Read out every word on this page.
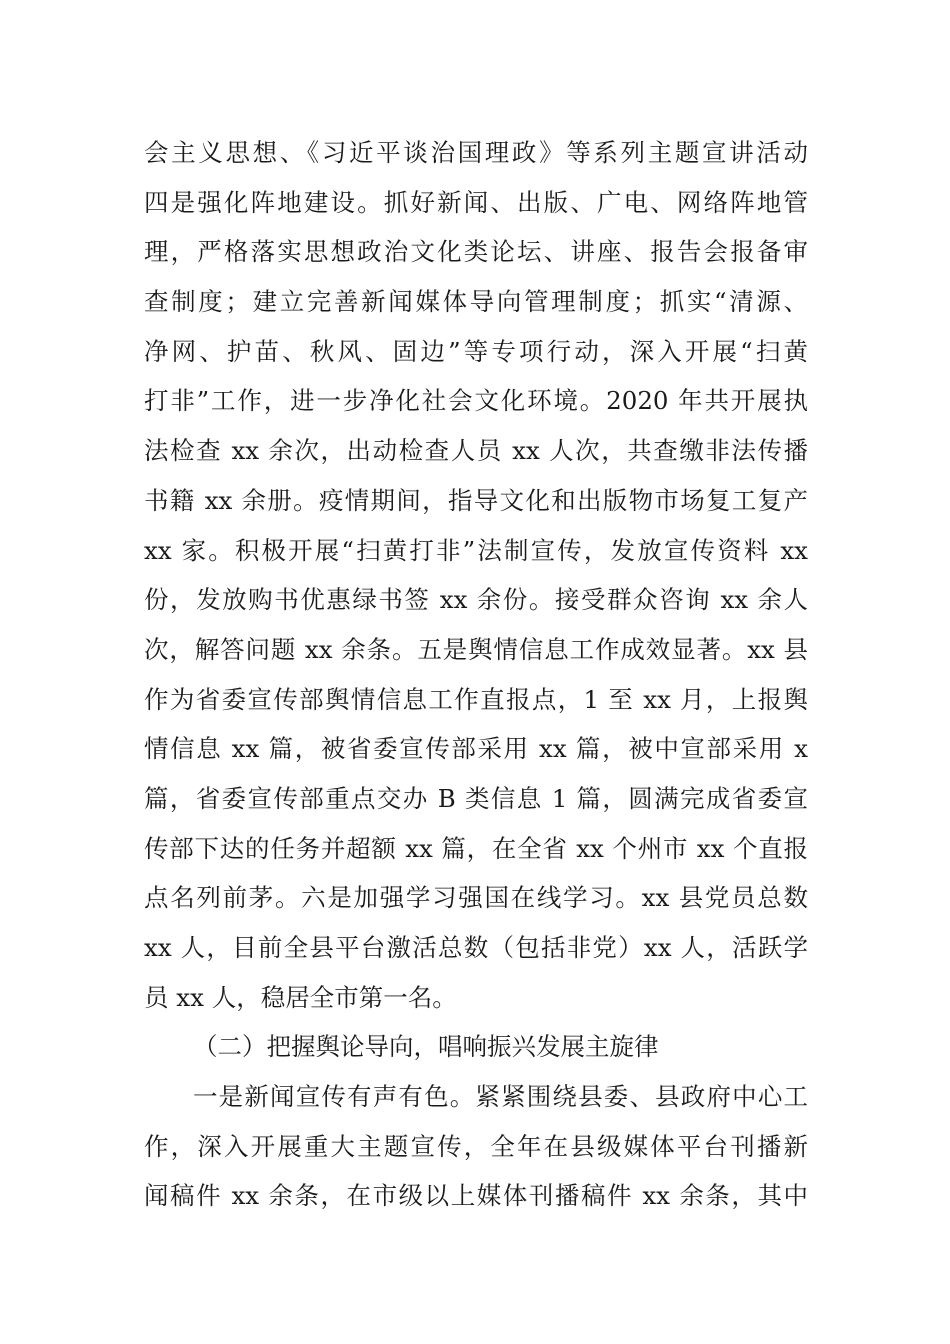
会主义思想、《习近平谈治国理政》等系列主题宣讲活动
四是强化阵地建设。抓好新闻、出版、广电、网络阵地管
理，严格落实思想政治文化类论坛、讲座、报告会报备审
查制度；建立完善新闻媒体导向管理制度；抓实“清源、
净网、护苗、秋风、固边”等专项行动，深入开展“扫黄
打非”工作，进一步净化社会文化环境。2020 年共开展执
法检查 xx 余次，出动检查人员 xx 人次，共查缴非法传播
书籍 xx 余册。疫情期间，指导文化和出版物市场复工复产
xx 家。积极开展“扫黄打非”法制宣传，发放宣传资料 xx
份，发放购书优惠绿书签 xx 余份。接受群众咨询 xx 余人
次，解答问题 xx 余条。五是舆情信息工作成效显著。xx 县
作为省委宣传部舆情信息工作直报点，1 至 xx 月，上报舆
情信息 xx 篇，被省委宣传部采用 xx 篇，被中宣部采用 x
篇，省委宣传部重点交办 B 类信息 1 篇，圆满完成省委宣
传部下达的任务并超额 xx 篇，在全省 xx 个州市 xx 个直报
点名列前茅。六是加强学习强国在线学习。xx 县党员总数
xx 人，目前全县平台激活总数（包括非党）xx 人，活跃学
员 xx 人，稳居全市第一名。
（二）把握舆论导向，唱响振兴发展主旋律
一是新闻宣传有声有色。紧紧围绕县委、县政府中心工
作，深入开展重大主题宣传，全年在县级媒体平台刊播新
闻稿件 xx 余条，在市级以上媒体刊播稿件 xx 余条，其中
